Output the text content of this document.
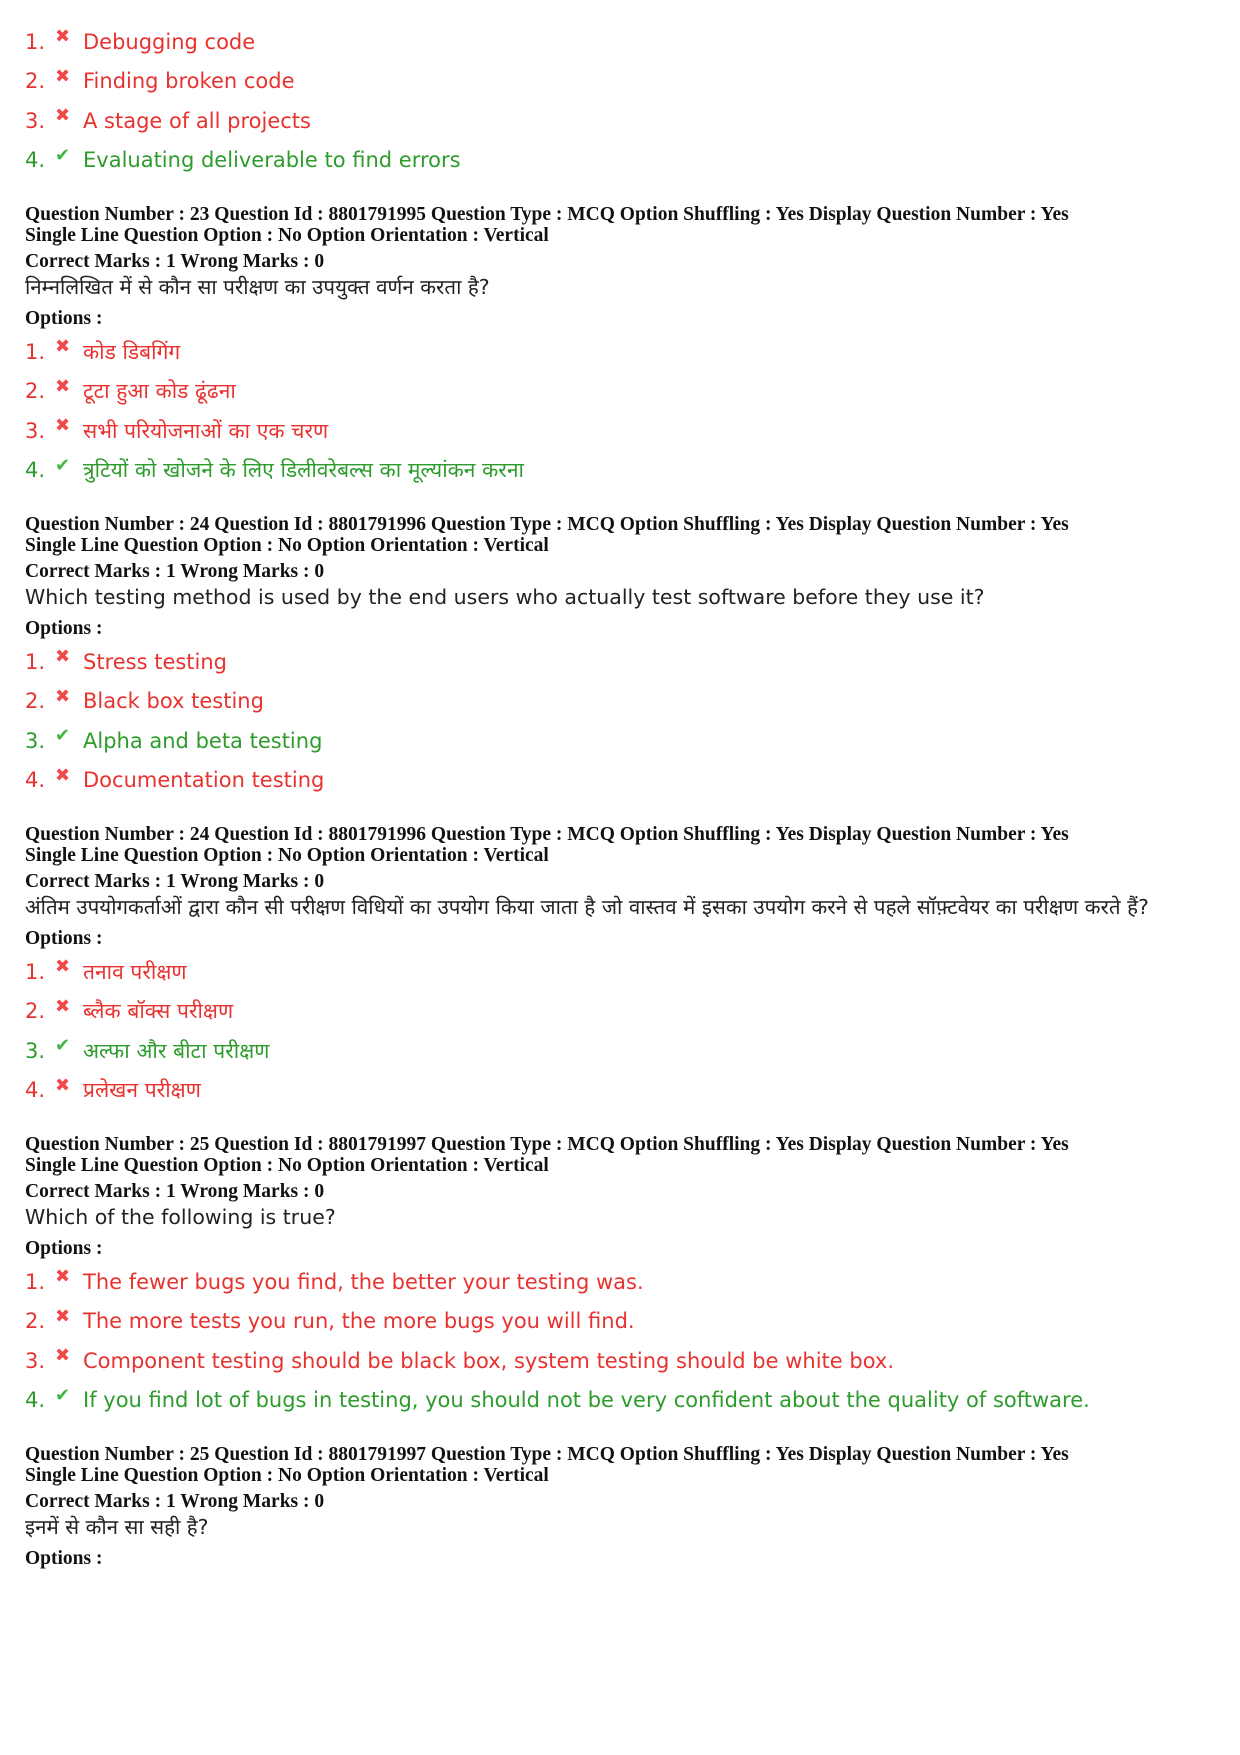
1. ✖ Debugging code
2. ✖ Finding broken code
3. ✖ A stage of all projects
4. ✔ Evaluating deliverable to find errors
Question Number : 23 Question Id : 8801791995 Question Type : MCQ Option Shuffling : Yes Display Question Number : Yes
Single Line Question Option : No Option Orientation : Vertical
Correct Marks : 1 Wrong Marks : 0
निम्नलिखित में से कौन सा परीक्षण का उपयुक्त वर्णन करता है?
Options :
1. ✖ कोड डिबगिंग
2. ✖ टूटा हुआ कोड ढूंढना
3. ✖ सभी परियोजनाओं का एक चरण
4. ✔ त्रुटियों को खोजने के लिए डिलीवरेबल्स का मूल्यांकन करना
Question Number : 24 Question Id : 8801791996 Question Type : MCQ Option Shuffling : Yes Display Question Number : Yes
Single Line Question Option : No Option Orientation : Vertical
Correct Marks : 1 Wrong Marks : 0
Which testing method is used by the end users who actually test software before they use it?
Options :
1. ✖ Stress testing
2. ✖ Black box testing
3. ✔ Alpha and beta testing
4. ✖ Documentation testing
Question Number : 24 Question Id : 8801791996 Question Type : MCQ Option Shuffling : Yes Display Question Number : Yes
Single Line Question Option : No Option Orientation : Vertical
Correct Marks : 1 Wrong Marks : 0
अंतिम उपयोगकर्ताओं द्वारा कौन सी परीक्षण विधियों का उपयोग किया जाता है जो वास्तव में इसका उपयोग करने से पहले सॉफ़्टवेयर का परीक्षण करते हैं?
Options :
1. ✖ तनाव परीक्षण
2. ✖ ब्लैक बॉक्स परीक्षण
3. ✔ अल्फा और बीटा परीक्षण
4. ✖ प्रलेखन परीक्षण
Question Number : 25 Question Id : 8801791997 Question Type : MCQ Option Shuffling : Yes Display Question Number : Yes
Single Line Question Option : No Option Orientation : Vertical
Correct Marks : 1 Wrong Marks : 0
Which of the following is true?
Options :
1. ✖ The fewer bugs you find, the better your testing was.
2. ✖ The more tests you run, the more bugs you will find.
3. ✖ Component testing should be black box, system testing should be white box.
4. ✔ If you find lot of bugs in testing, you should not be very confident about the quality of software.
Question Number : 25 Question Id : 8801791997 Question Type : MCQ Option Shuffling : Yes Display Question Number : Yes
Single Line Question Option : No Option Orientation : Vertical
Correct Marks : 1 Wrong Marks : 0
इनमें से कौन सा सही है?
Options :
